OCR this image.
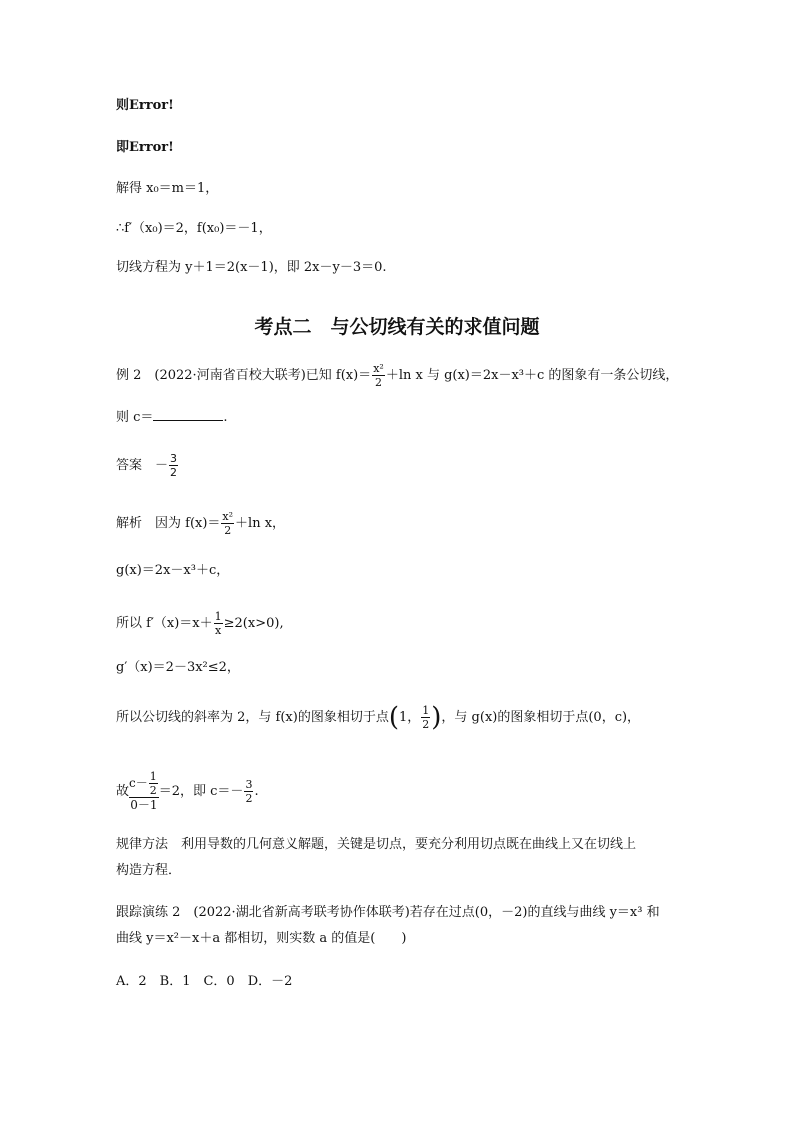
则Error!
即Error!
解得 x₀＝m＝1，
∴f′（x₀)＝2，f(x₀)＝－1，
切线方程为 y＋1＝2(x－1)，即 2x－y－3＝0.
考点二　与公切线有关的求值问题
例 2　(2022·河南省百校大联考)已知 $f(x)= \frac{\text{x²}}{2} +\ln$ x 与 g(x)＝2x－x³＋c 的图象有一条公切线，
则 c＝	.
答案　－ $\frac{3}{2}$
解析　因为 $f(x)= \frac{\text{x²}}{2} +\ln$ x，
g(x)＝2x－x³＋c，
所以 $f'(x)=x+ \frac{1}{x} \ge 2(x>0)$,
g′（x)＝2－3x²≤2，
所以公切线的斜率为 2，与 f(x)的图象相切于点(1， $\frac{1}{2}$ )，与 g(x)的图象相切于点(0，c)，
故 $\frac{c- \frac{1}{2}}{0-1} =2$，即 $c=- \frac{3}{2}$ .
规律方法　利用导数的几何意义解题，关键是切点，要充分利用切点既在曲线上又在切线上
构造方程．
跟踪演练 2　(2022·湖北省新高考联考协作体联考)若存在过点(0，－2)的直线与曲线 y＝x³ 和
曲线 y＝x²－x＋a 都相切，则实数 a 的值是(　　)
A．2　B．1　C．0　D．－2
